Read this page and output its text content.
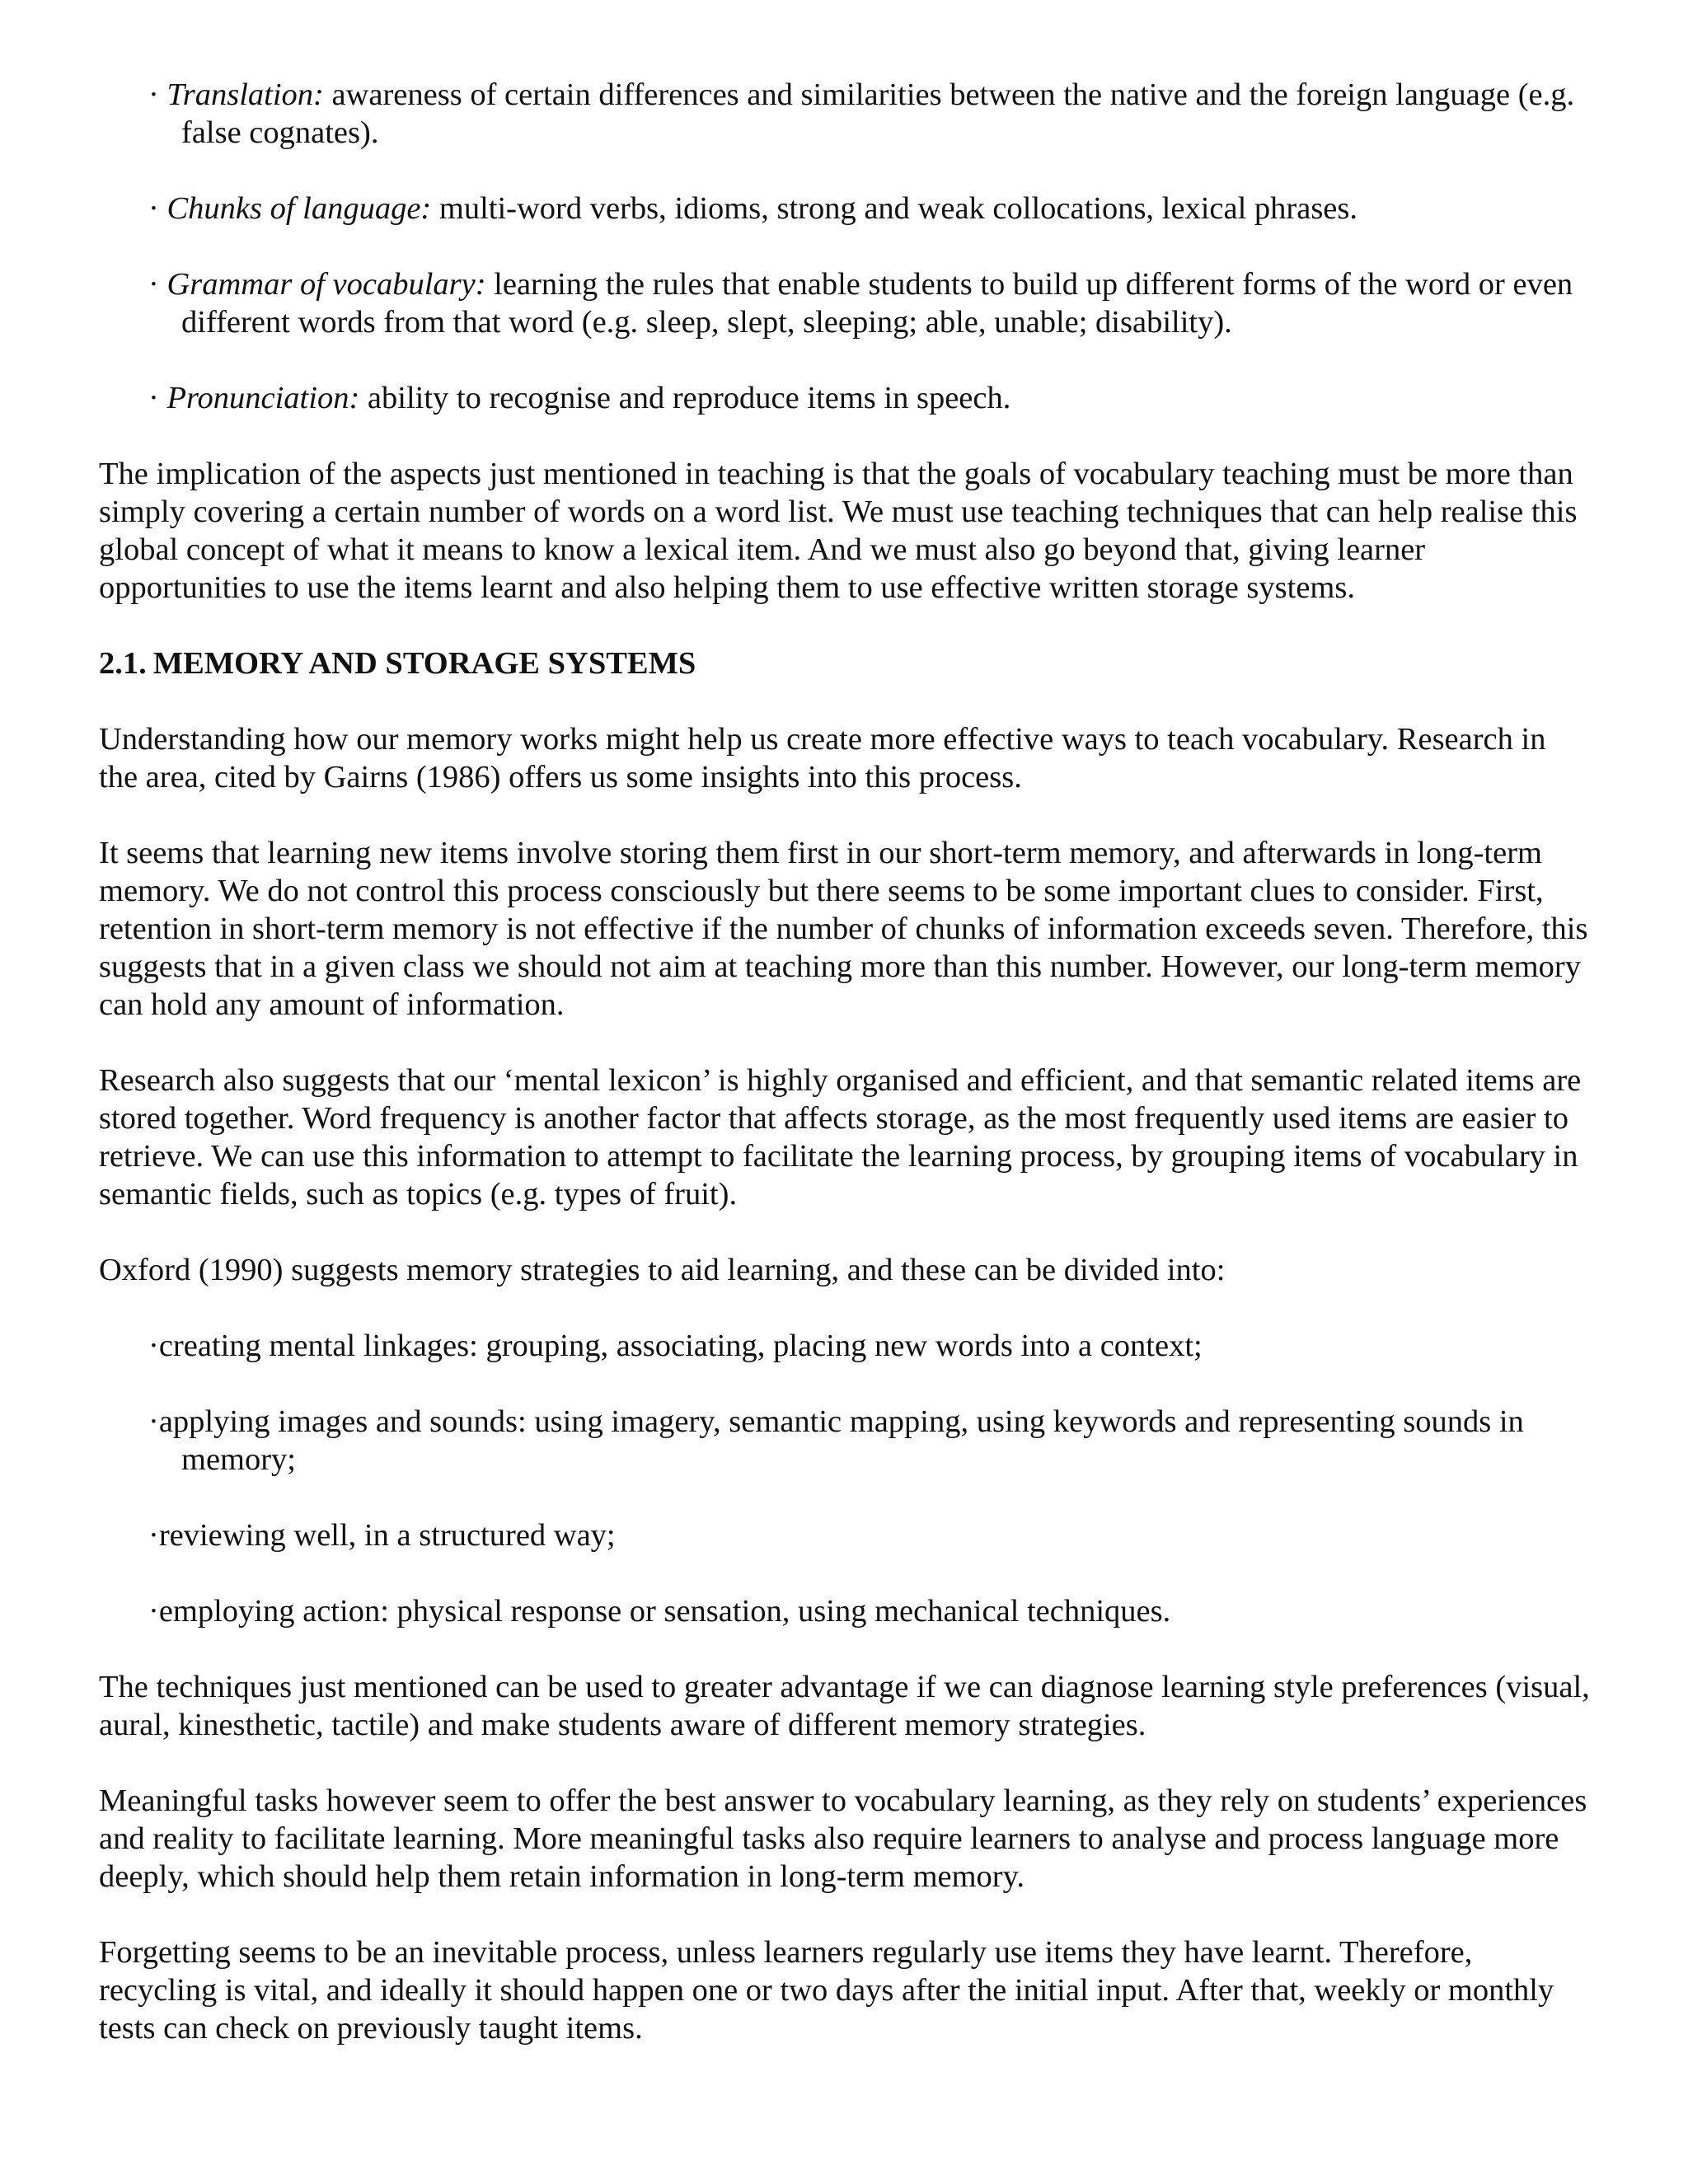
· Translation: awareness of certain differences and similarities between the native and the foreign language (e.g. false cognates).
· Chunks of language: multi-word verbs, idioms, strong and weak collocations, lexical phrases.
· Grammar of vocabulary: learning the rules that enable students to build up different forms of the word or even different words from that word (e.g. sleep, slept, sleeping; able, unable; disability).
· Pronunciation: ability to recognise and reproduce items in speech.

The implication of the aspects just mentioned in teaching is that the goals of vocabulary teaching must be more than simply covering a certain number of words on a word list. We must use teaching techniques that can help realise this global concept of what it means to know a lexical item. And we must also go beyond that, giving learner opportunities to use the items learnt and also helping them to use effective written storage systems.

2.1. MEMORY AND STORAGE SYSTEMS

Understanding how our memory works might help us create more effective ways to teach vocabulary. Research in the area, cited by Gairns (1986) offers us some insights into this process.

It seems that learning new items involve storing them first in our short-term memory, and afterwards in long-term memory. We do not control this process consciously but there seems to be some important clues to consider. First, retention in short-term memory is not effective if the number of chunks of information exceeds seven. Therefore, this suggests that in a given class we should not aim at teaching more than this number. However, our long-term memory can hold any amount of information.

Research also suggests that our ‘mental lexicon’ is highly organised and efficient, and that semantic related items are stored together. Word frequency is another factor that affects storage, as the most frequently used items are easier to retrieve. We can use this information to attempt to facilitate the learning process, by grouping items of vocabulary in semantic fields, such as topics (e.g. types of fruit).

Oxford (1990) suggests memory strategies to aid learning, and these can be divided into:

·creating mental linkages: grouping, associating, placing new words into a context;
·applying images and sounds: using imagery, semantic mapping, using keywords and representing sounds in memory;
·reviewing well, in a structured way;
·employing action: physical response or sensation, using mechanical techniques.

The techniques just mentioned can be used to greater advantage if we can diagnose learning style preferences (visual, aural, kinesthetic, tactile) and make students aware of different memory strategies.

Meaningful tasks however seem to offer the best answer to vocabulary learning, as they rely on students’ experiences and reality to facilitate learning. More meaningful tasks also require learners to analyse and process language more deeply, which should help them retain information in long-term memory.

Forgetting seems to be an inevitable process, unless learners regularly use items they have learnt. Therefore, recycling is vital, and ideally it should happen one or two days after the initial input. After that, weekly or monthly tests can check on previously taught items.
